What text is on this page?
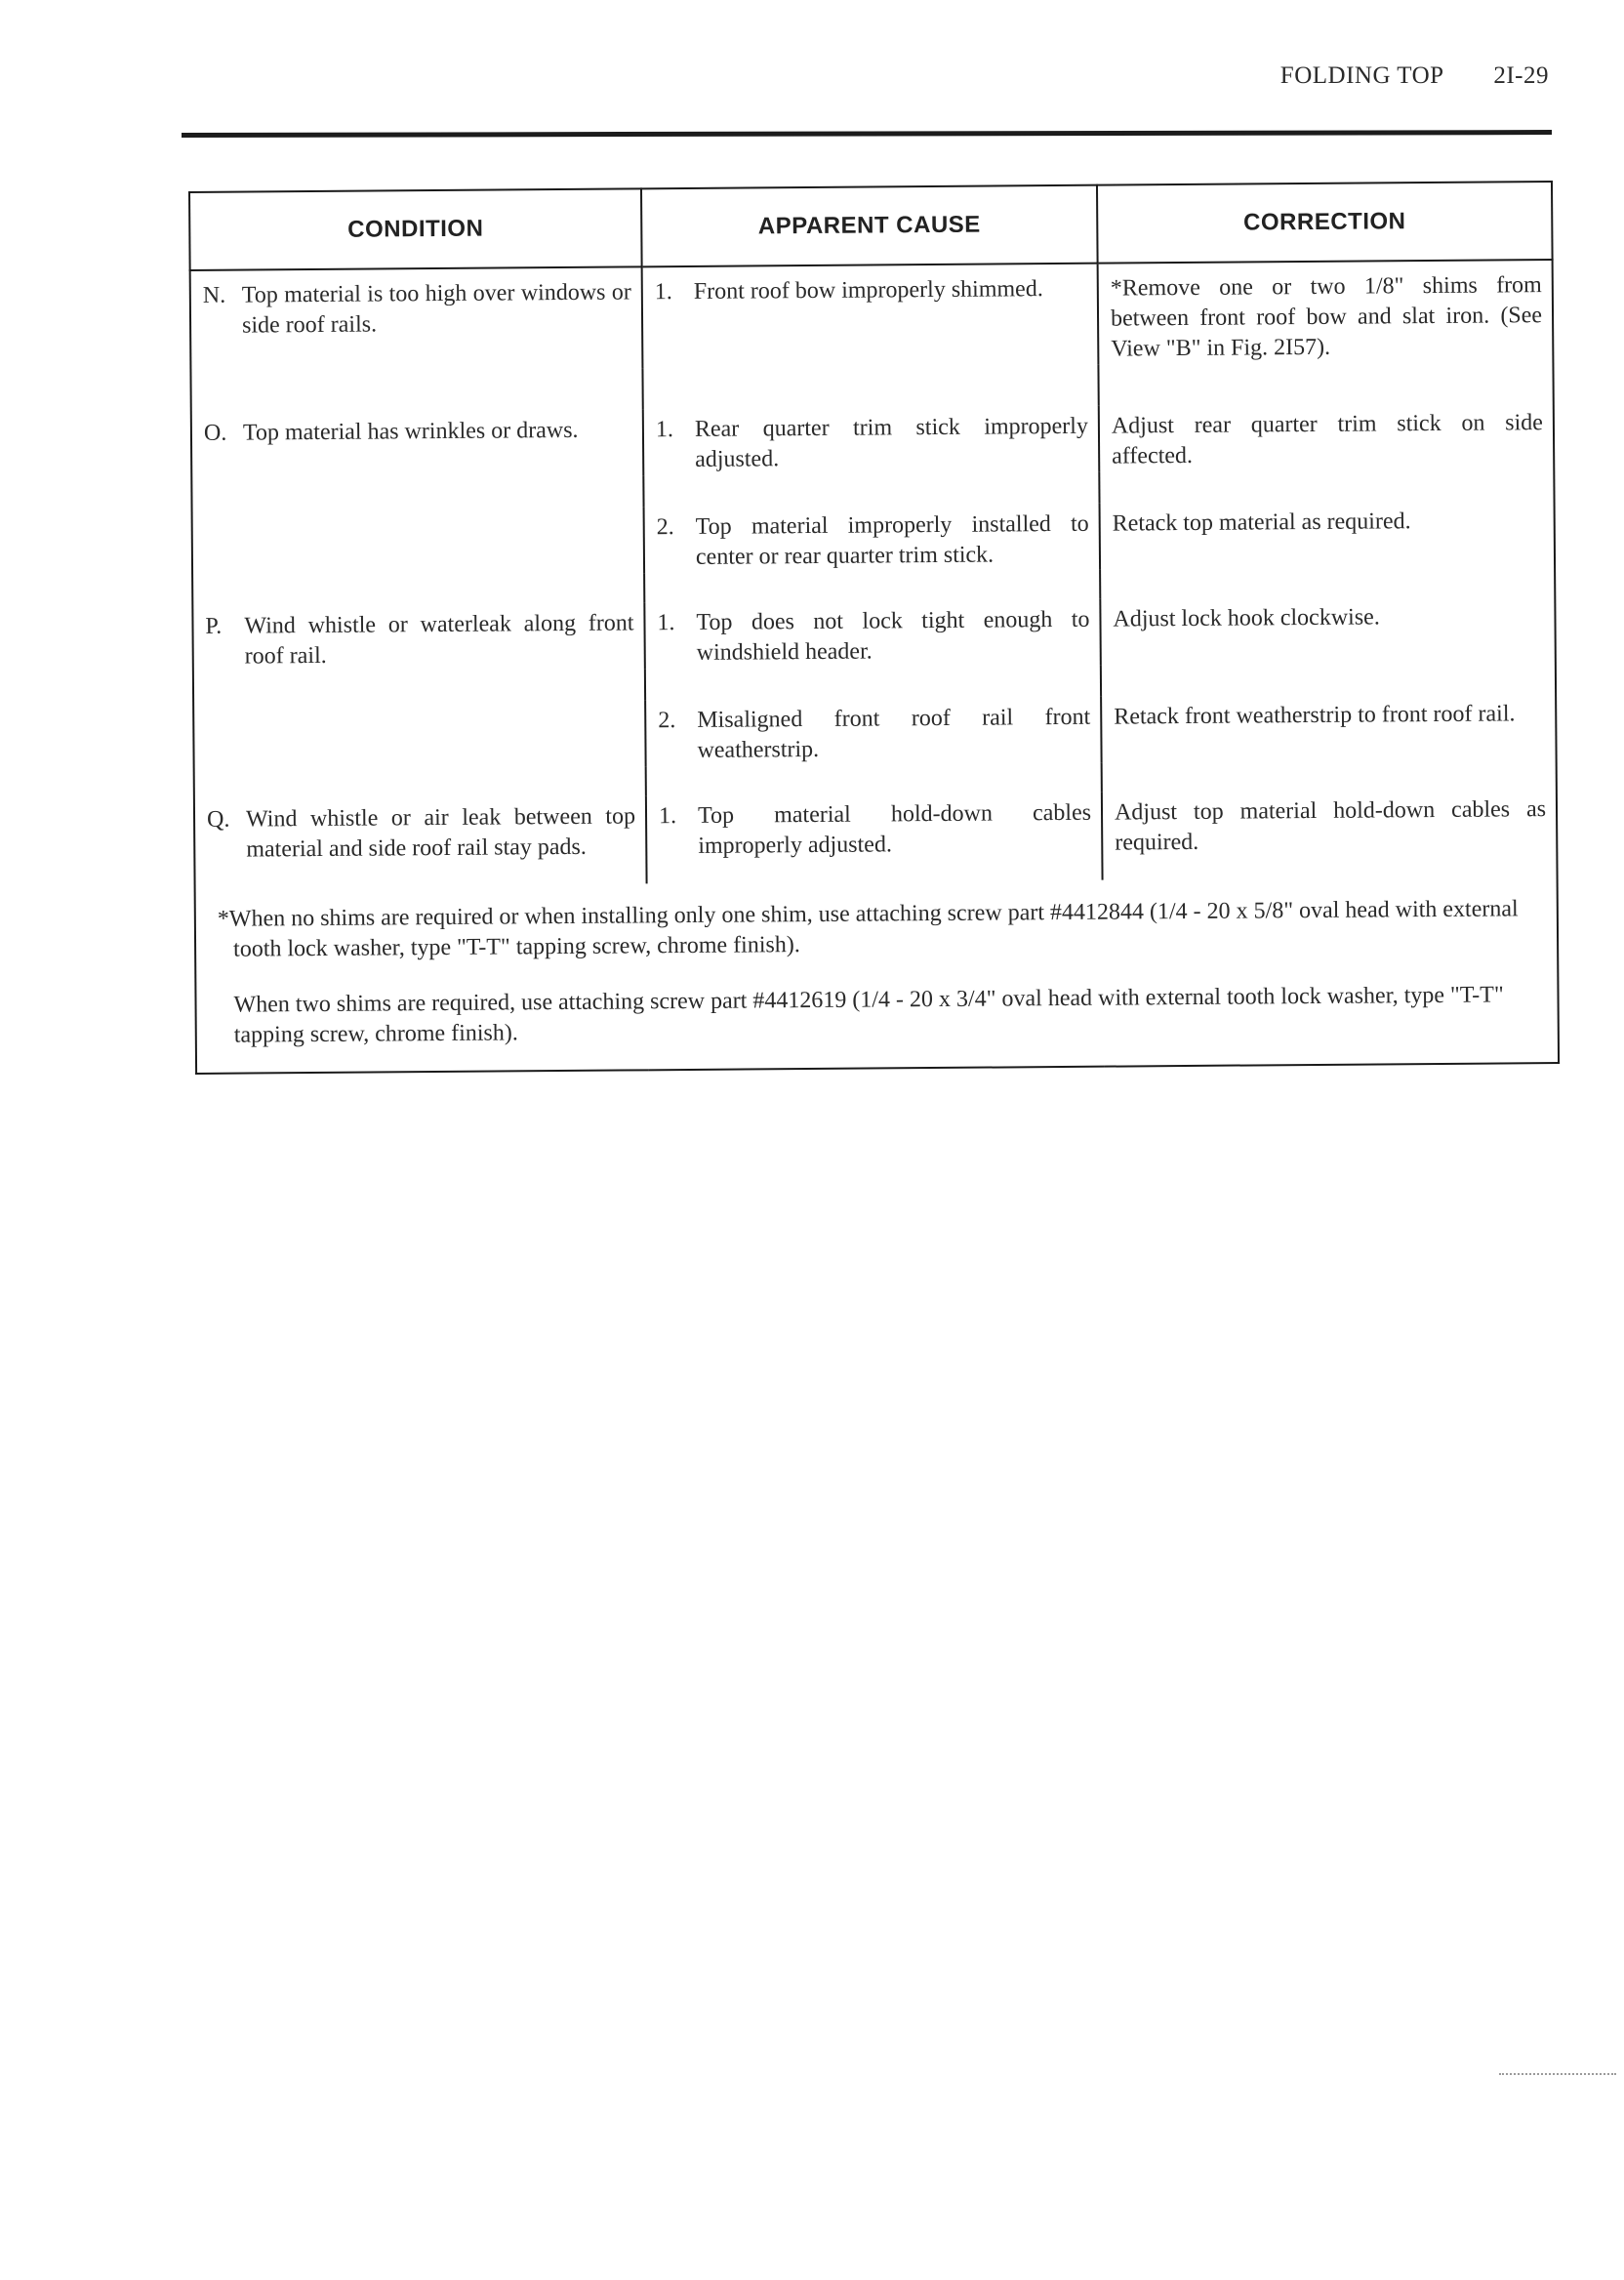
FOLDING TOP 2I-29
CONDITION	APPARENT CAUSE	CORRECTION

N. Top material is too high over windows or side roof rails.	1. Front roof bow improperly shimmed.	*Remove one or two 1/8" shims from between front roof bow and slat iron. (See View "B" in Fig. 2I57).

O. Top material has wrinkles or draws.	1. Rear quarter trim stick improperly adjusted.	Adjust rear quarter trim stick on side affected.

	2. Top material improperly installed to center or rear quarter trim stick.	Retack top material as required.

P. Wind whistle or waterleak along front roof rail.	1. Top does not lock tight enough to windshield header.	Adjust lock hook clockwise.

	2. Misaligned front roof rail front weatherstrip.	Retack front weatherstrip to front roof rail.

Q. Wind whistle or air leak between top material and side roof rail stay pads.	1. Top material hold-down cables improperly adjusted.	Adjust top material hold-down cables as required.

*When no shims are required or when installing only one shim, use attaching screw part #4412844 (1/4 - 20 x 5/8" oval head with external tooth lock washer, type "T-T" tapping screw, chrome finish).

When two shims are required, use attaching screw part #4412619 (1/4 - 20 x 3/4" oval head with external tooth lock washer, type "T-T" tapping screw, chrome finish).		
